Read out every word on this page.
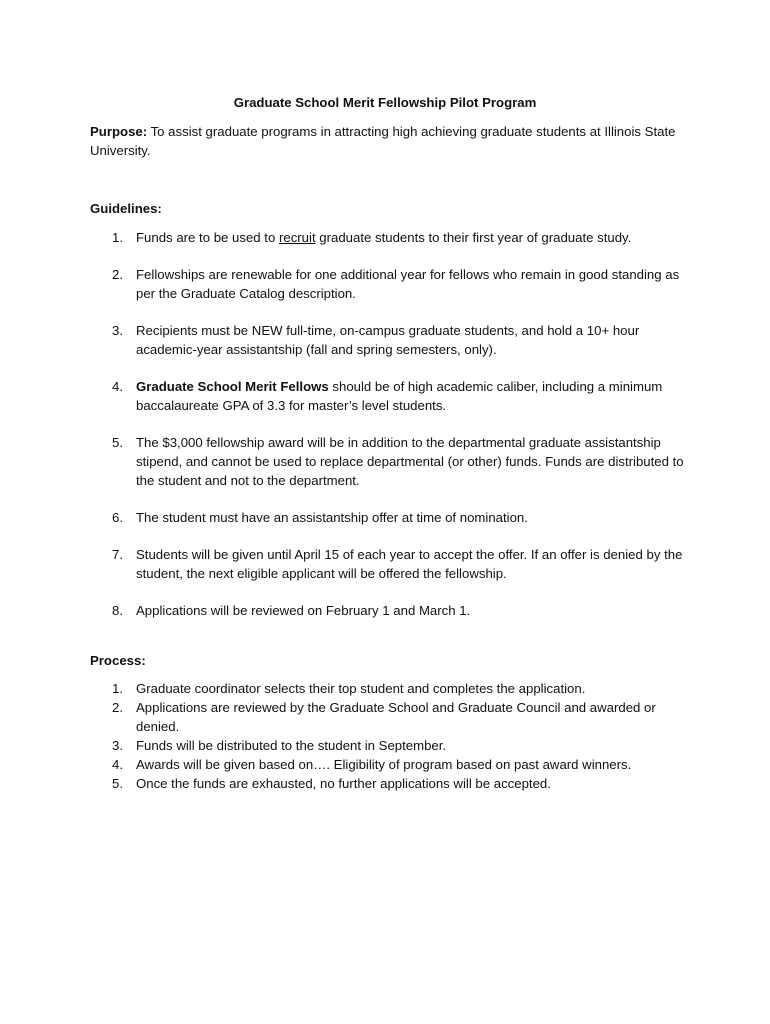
Graduate School Merit Fellowship Pilot Program
Purpose: To assist graduate programs in attracting high achieving graduate students at Illinois State University.
Guidelines:
1. Funds are to be used to recruit graduate students to their first year of graduate study.
2. Fellowships are renewable for one additional year for fellows who remain in good standing as per the Graduate Catalog description.
3. Recipients must be NEW full-time, on-campus graduate students, and hold a 10+ hour academic-year assistantship (fall and spring semesters, only).
4. Graduate School Merit Fellows should be of high academic caliber, including a minimum baccalaureate GPA of 3.3 for master’s level students.
5. The $3,000 fellowship award will be in addition to the departmental graduate assistantship stipend, and cannot be used to replace departmental (or other) funds. Funds are distributed to the student and not to the department.
6. The student must have an assistantship offer at time of nomination.
7. Students will be given until April 15 of each year to accept the offer. If an offer is denied by the student, the next eligible applicant will be offered the fellowship.
8. Applications will be reviewed on February 1 and March 1.
Process:
1. Graduate coordinator selects their top student and completes the application.
2. Applications are reviewed by the Graduate School and Graduate Council and awarded or denied.
3. Funds will be distributed to the student in September.
4. Awards will be given based on…. Eligibility of program based on past award winners.
5. Once the funds are exhausted, no further applications will be accepted.
